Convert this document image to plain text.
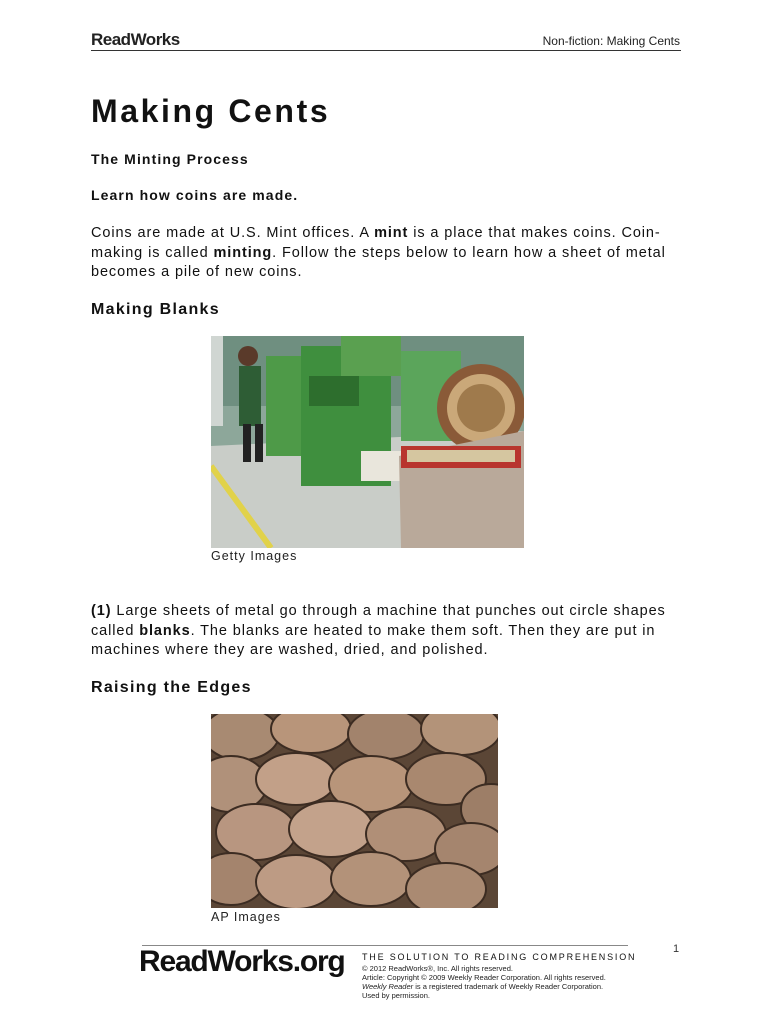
ReadWorks	Non-fiction: Making Cents
Making Cents
The Minting Process
Learn how coins are made.
Coins are made at U.S. Mint offices. A mint is a place that makes coins. Coin-making is called minting. Follow the steps below to learn how a sheet of metal becomes a pile of new coins.
Making Blanks
Getty Images
(1) Large sheets of metal go through a machine that punches out circle shapes called blanks. The blanks are heated to make them soft. Then they are put in machines where they are washed, dried, and polished.
Raising the Edges
AP Images
ReadWorks.org THE SOLUTION TO READING COMPREHENSION
© 2012 ReadWorks®, Inc. All rights reserved.
Article: Copyright © 2009 Weekly Reader Corporation. All rights reserved.
Weekly Reader is a registered trademark of Weekly Reader Corporation.
Used by permission.
1
